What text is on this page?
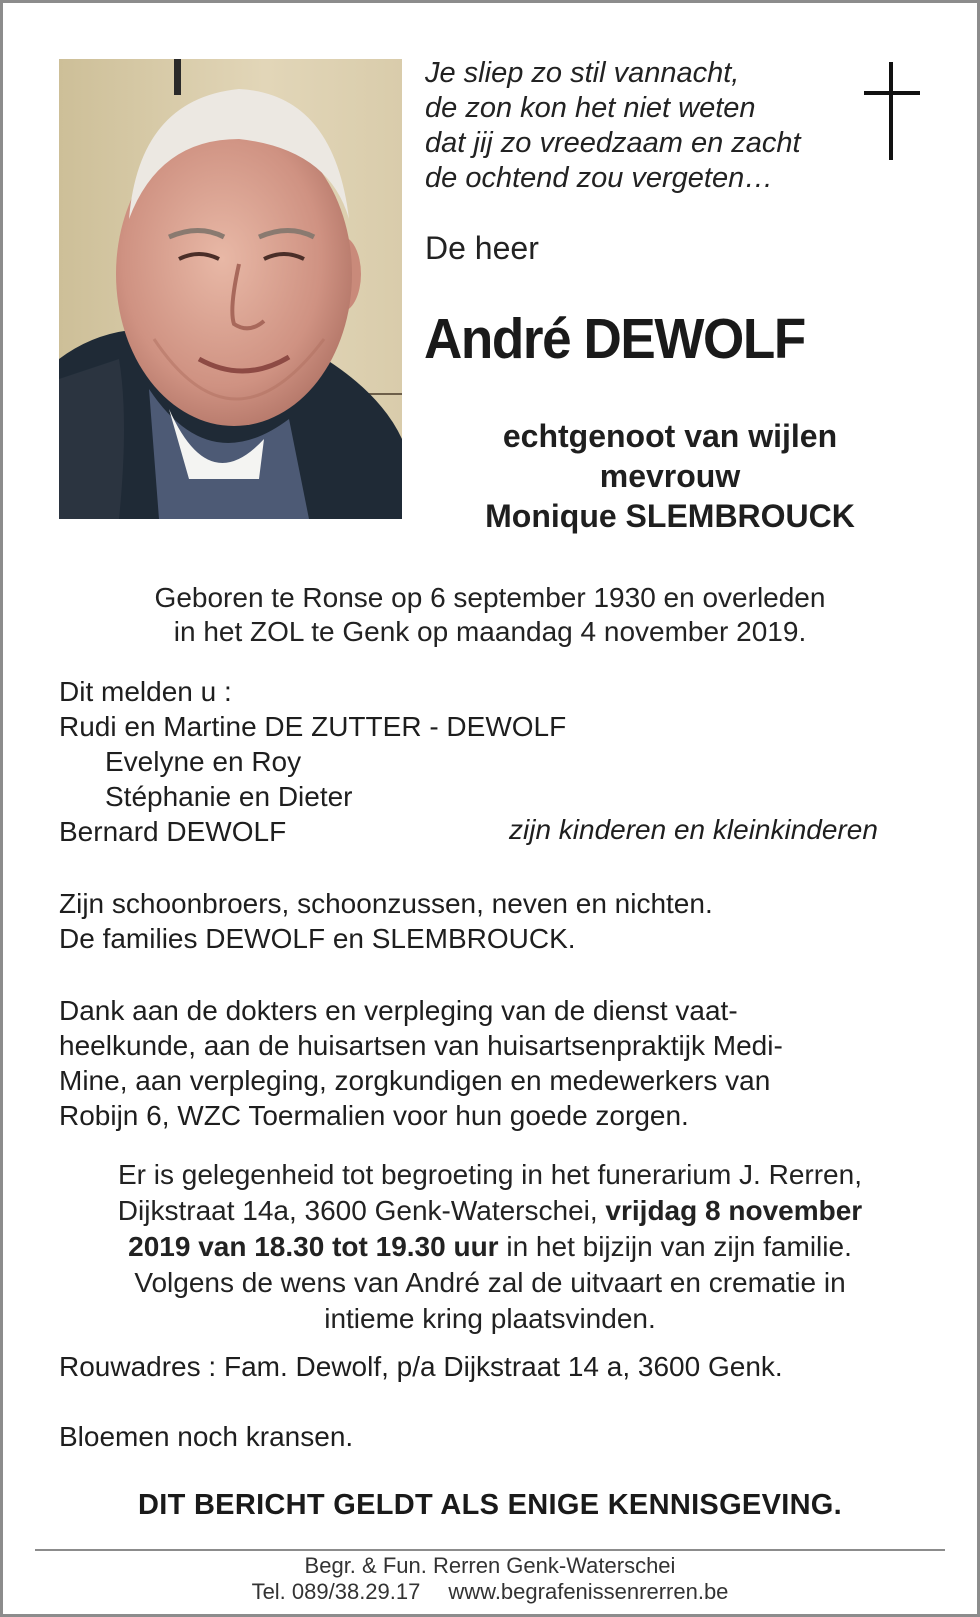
Je sliep zo stil vannacht,
de zon kon het niet weten
dat jij zo vreedzaam en zacht
de ochtend zou vergeten…

De heer

André DEWOLF

echtgenoot van wijlen
mevrouw
Monique SLEMBROUCK
Geboren te Ronse op 6 september 1930 en overleden
in het ZOL te Genk op maandag 4 november 2019.
Dit melden u :
Rudi en Martine DE ZUTTER - DEWOLF
Evelyne en Roy
Stéphanie en Dieter
Bernard DEWOLF	zijn kinderen en kleinkinderen
Zijn schoonbroers, schoonzussen, neven en nichten.
De families DEWOLF en SLEMBROUCK.
Dank aan de dokters en verpleging van de dienst vaat-
heelkunde, aan de huisartsen van huisartsenpraktijk Medi-
Mine, aan verpleging, zorgkundigen en medewerkers van
Robijn 6, WZC Toermalien voor hun goede zorgen.
Er is gelegenheid tot begroeting in het funerarium J. Rerren,
Dijkstraat 14a, 3600 Genk-Waterschei, vrijdag 8 november
2019 van 18.30 tot 19.30 uur in het bijzijn van zijn familie.
Volgens de wens van André zal de uitvaart en crematie in
intieme kring plaatsvinden.

Rouwadres : Fam. Dewolf, p/a Dijkstraat 14 a, 3600 Genk.

Bloemen noch kransen.

DIT BERICHT GELDT ALS ENIGE KENNISGEVING.
Begr. & Fun. Rerren Genk-Waterschei
Tel. 089/38.29.17 www.begrafenissenrerren.be
